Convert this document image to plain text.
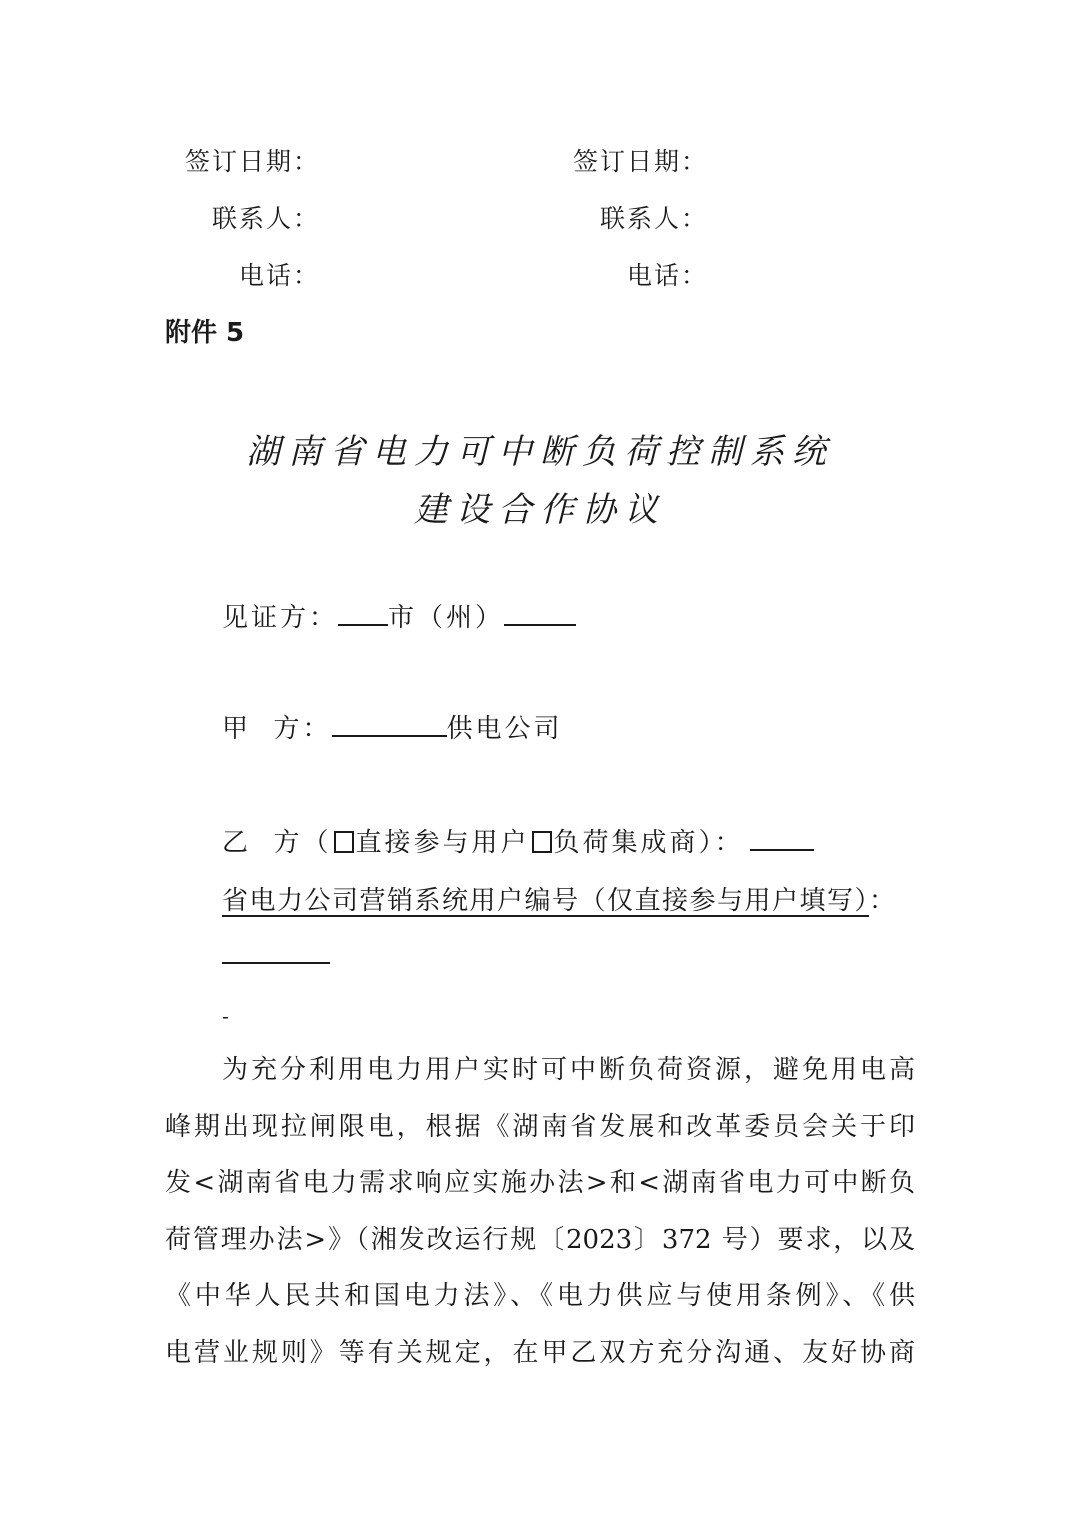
签订日期：
联系人：
电话：
签订日期：
联系人：
电话：
附件 5
湖南省电力可中断负荷控制系统
建设合作协议
见证方： 市（州）
甲  方：	供电公司
乙  方（ 直接参与用户 负荷集成商）：
省电力公司营销系统用户编号（仅直接参与用户填写）：
-
为充分利用电力用户实时可中断负荷资源，避免用电高
峰期出现拉闸限电，根据《湖南省发展和改革委员会关于印
发<湖南省电力需求响应实施办法>和<湖南省电力可中断负
荷管理办法>》（湘发改运行规〔2023〕372 号）要求，以及
《中华人民共和国电力法》、《电力供应与使用条例》、《供
电营业规则》等有关规定，在甲乙双方充分沟通、友好协商
